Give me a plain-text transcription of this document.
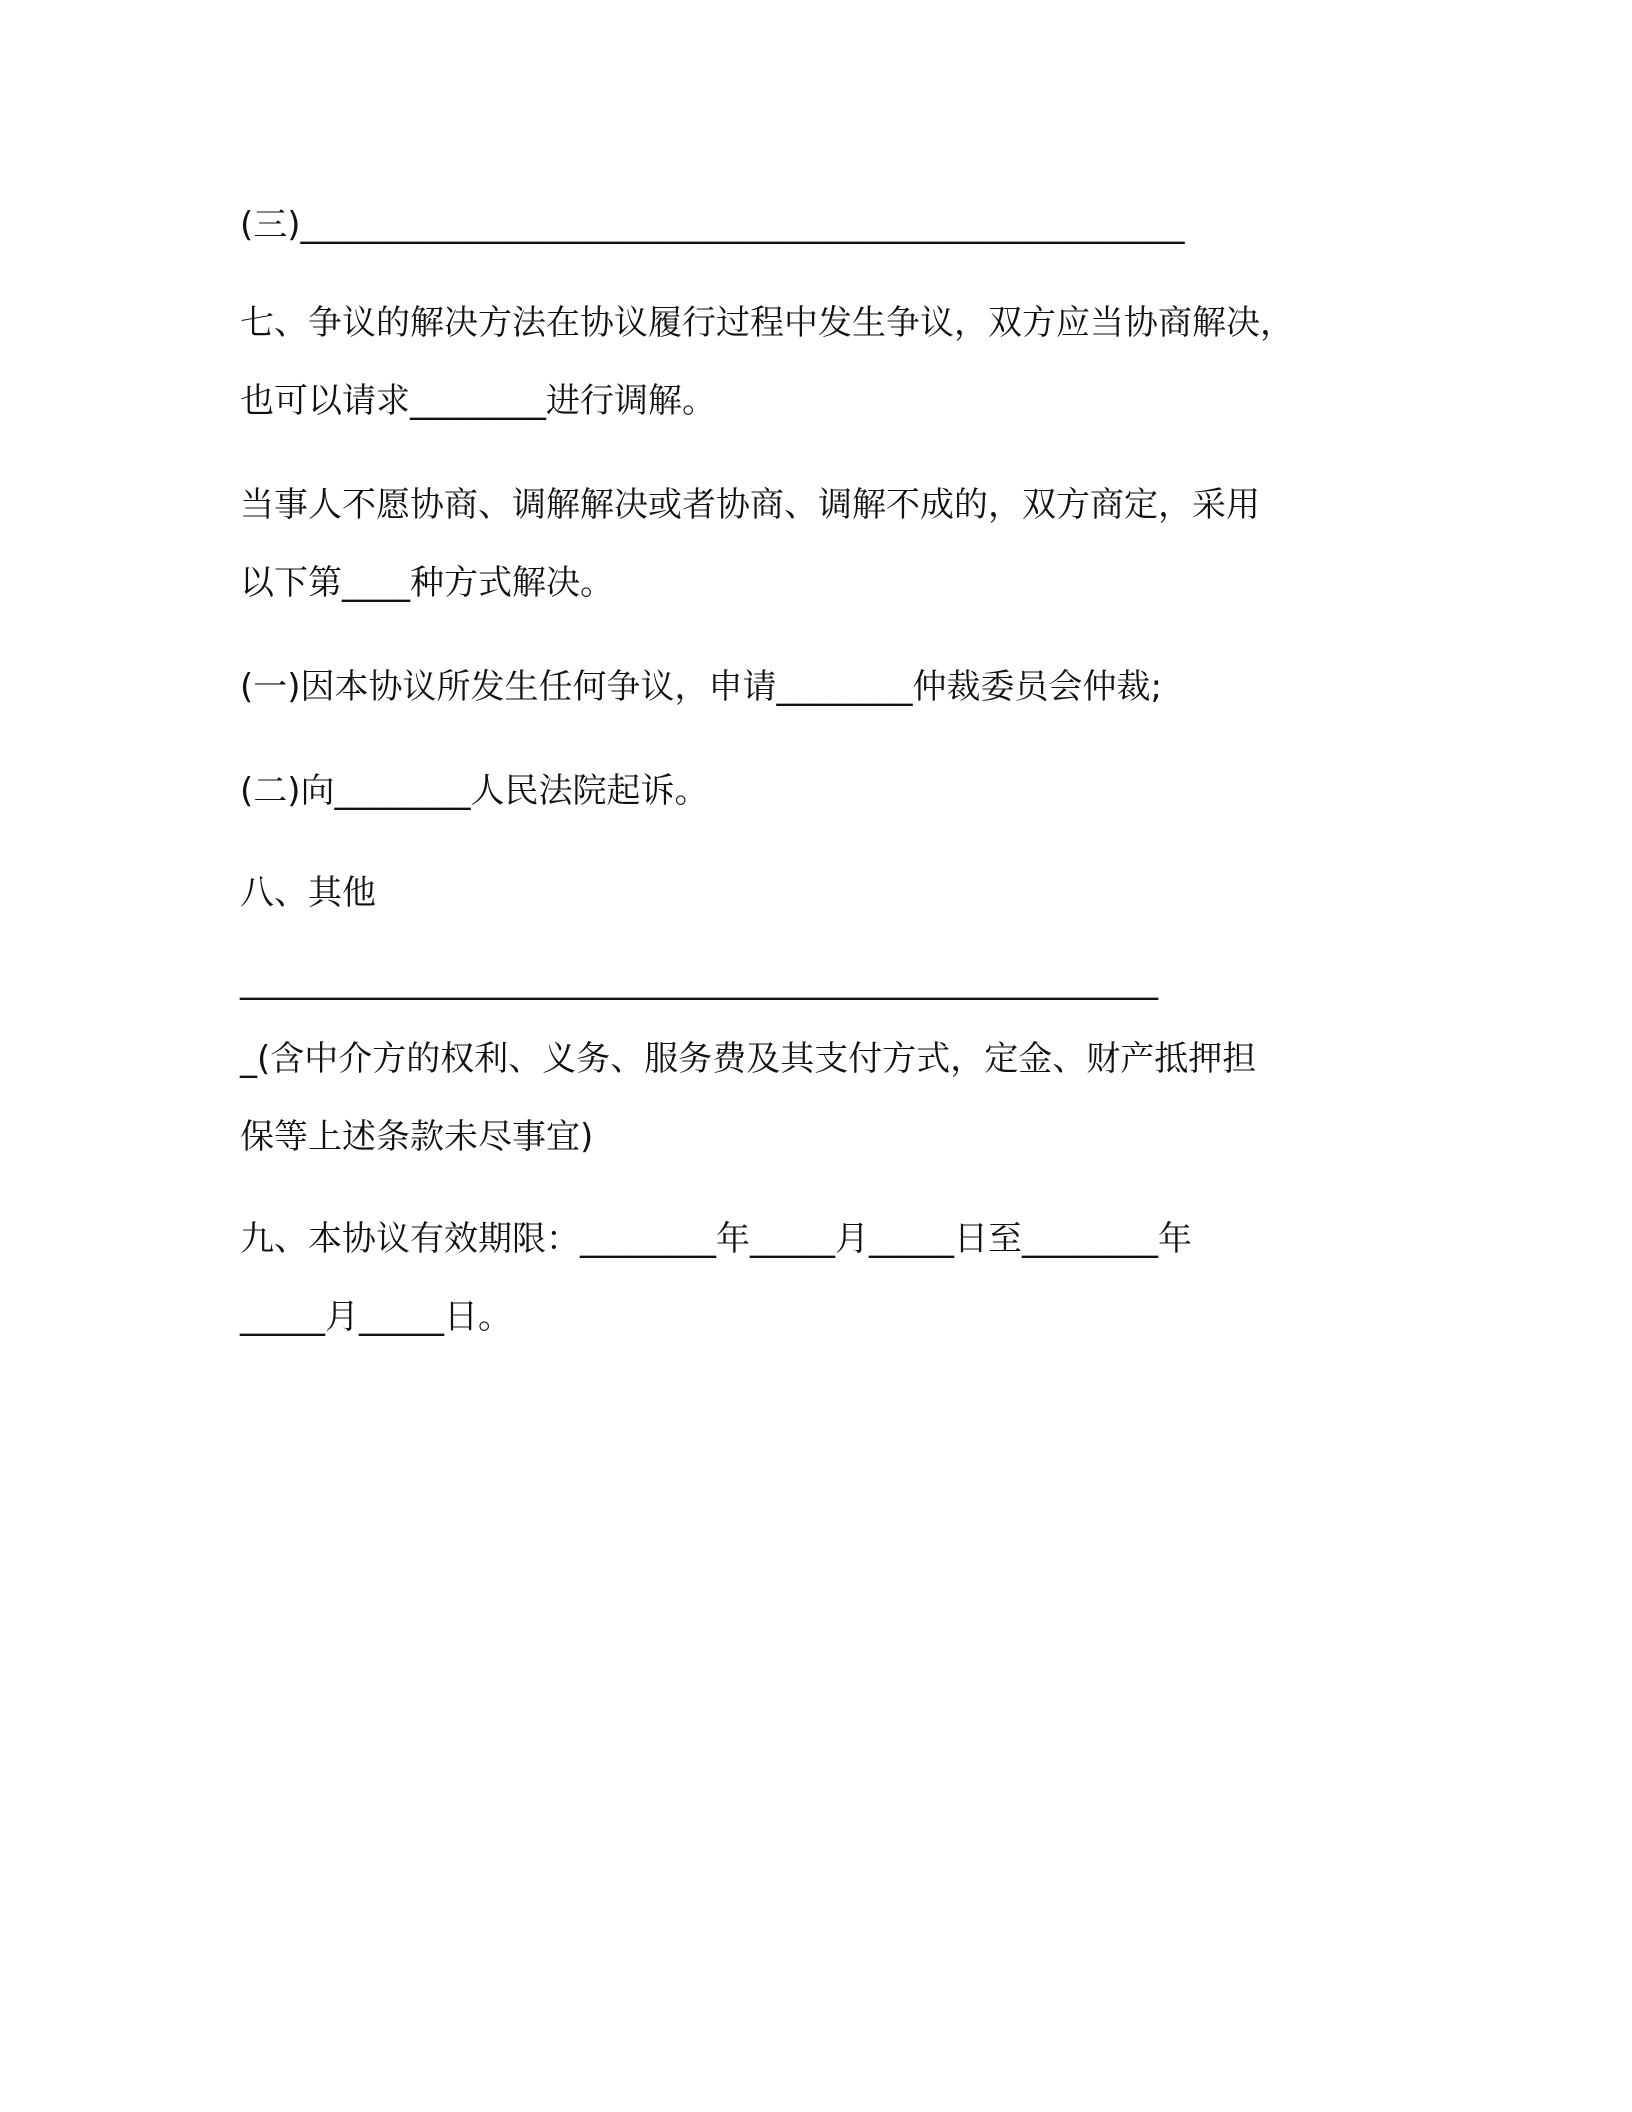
(三)____________________________________________________

七、争议的解决方法在协议履行过程中发生争议，双方应当协商解决，

也可以请求________进行调解。

当事人不愿协商、调解解决或者协商、调解不成的，双方商定，采用

以下第____种方式解决。

(一)因本协议所发生任何争议，申请________仲裁委员会仲裁;

(二)向________人民法院起诉。

八、其他

______________________________________________________

_(含中介方的权利、义务、服务费及其支付方式，定金、财产抵押担

保等上述条款未尽事宜)

九、本协议有效期限：________年_____月_____日至________年

_____月_____日。
